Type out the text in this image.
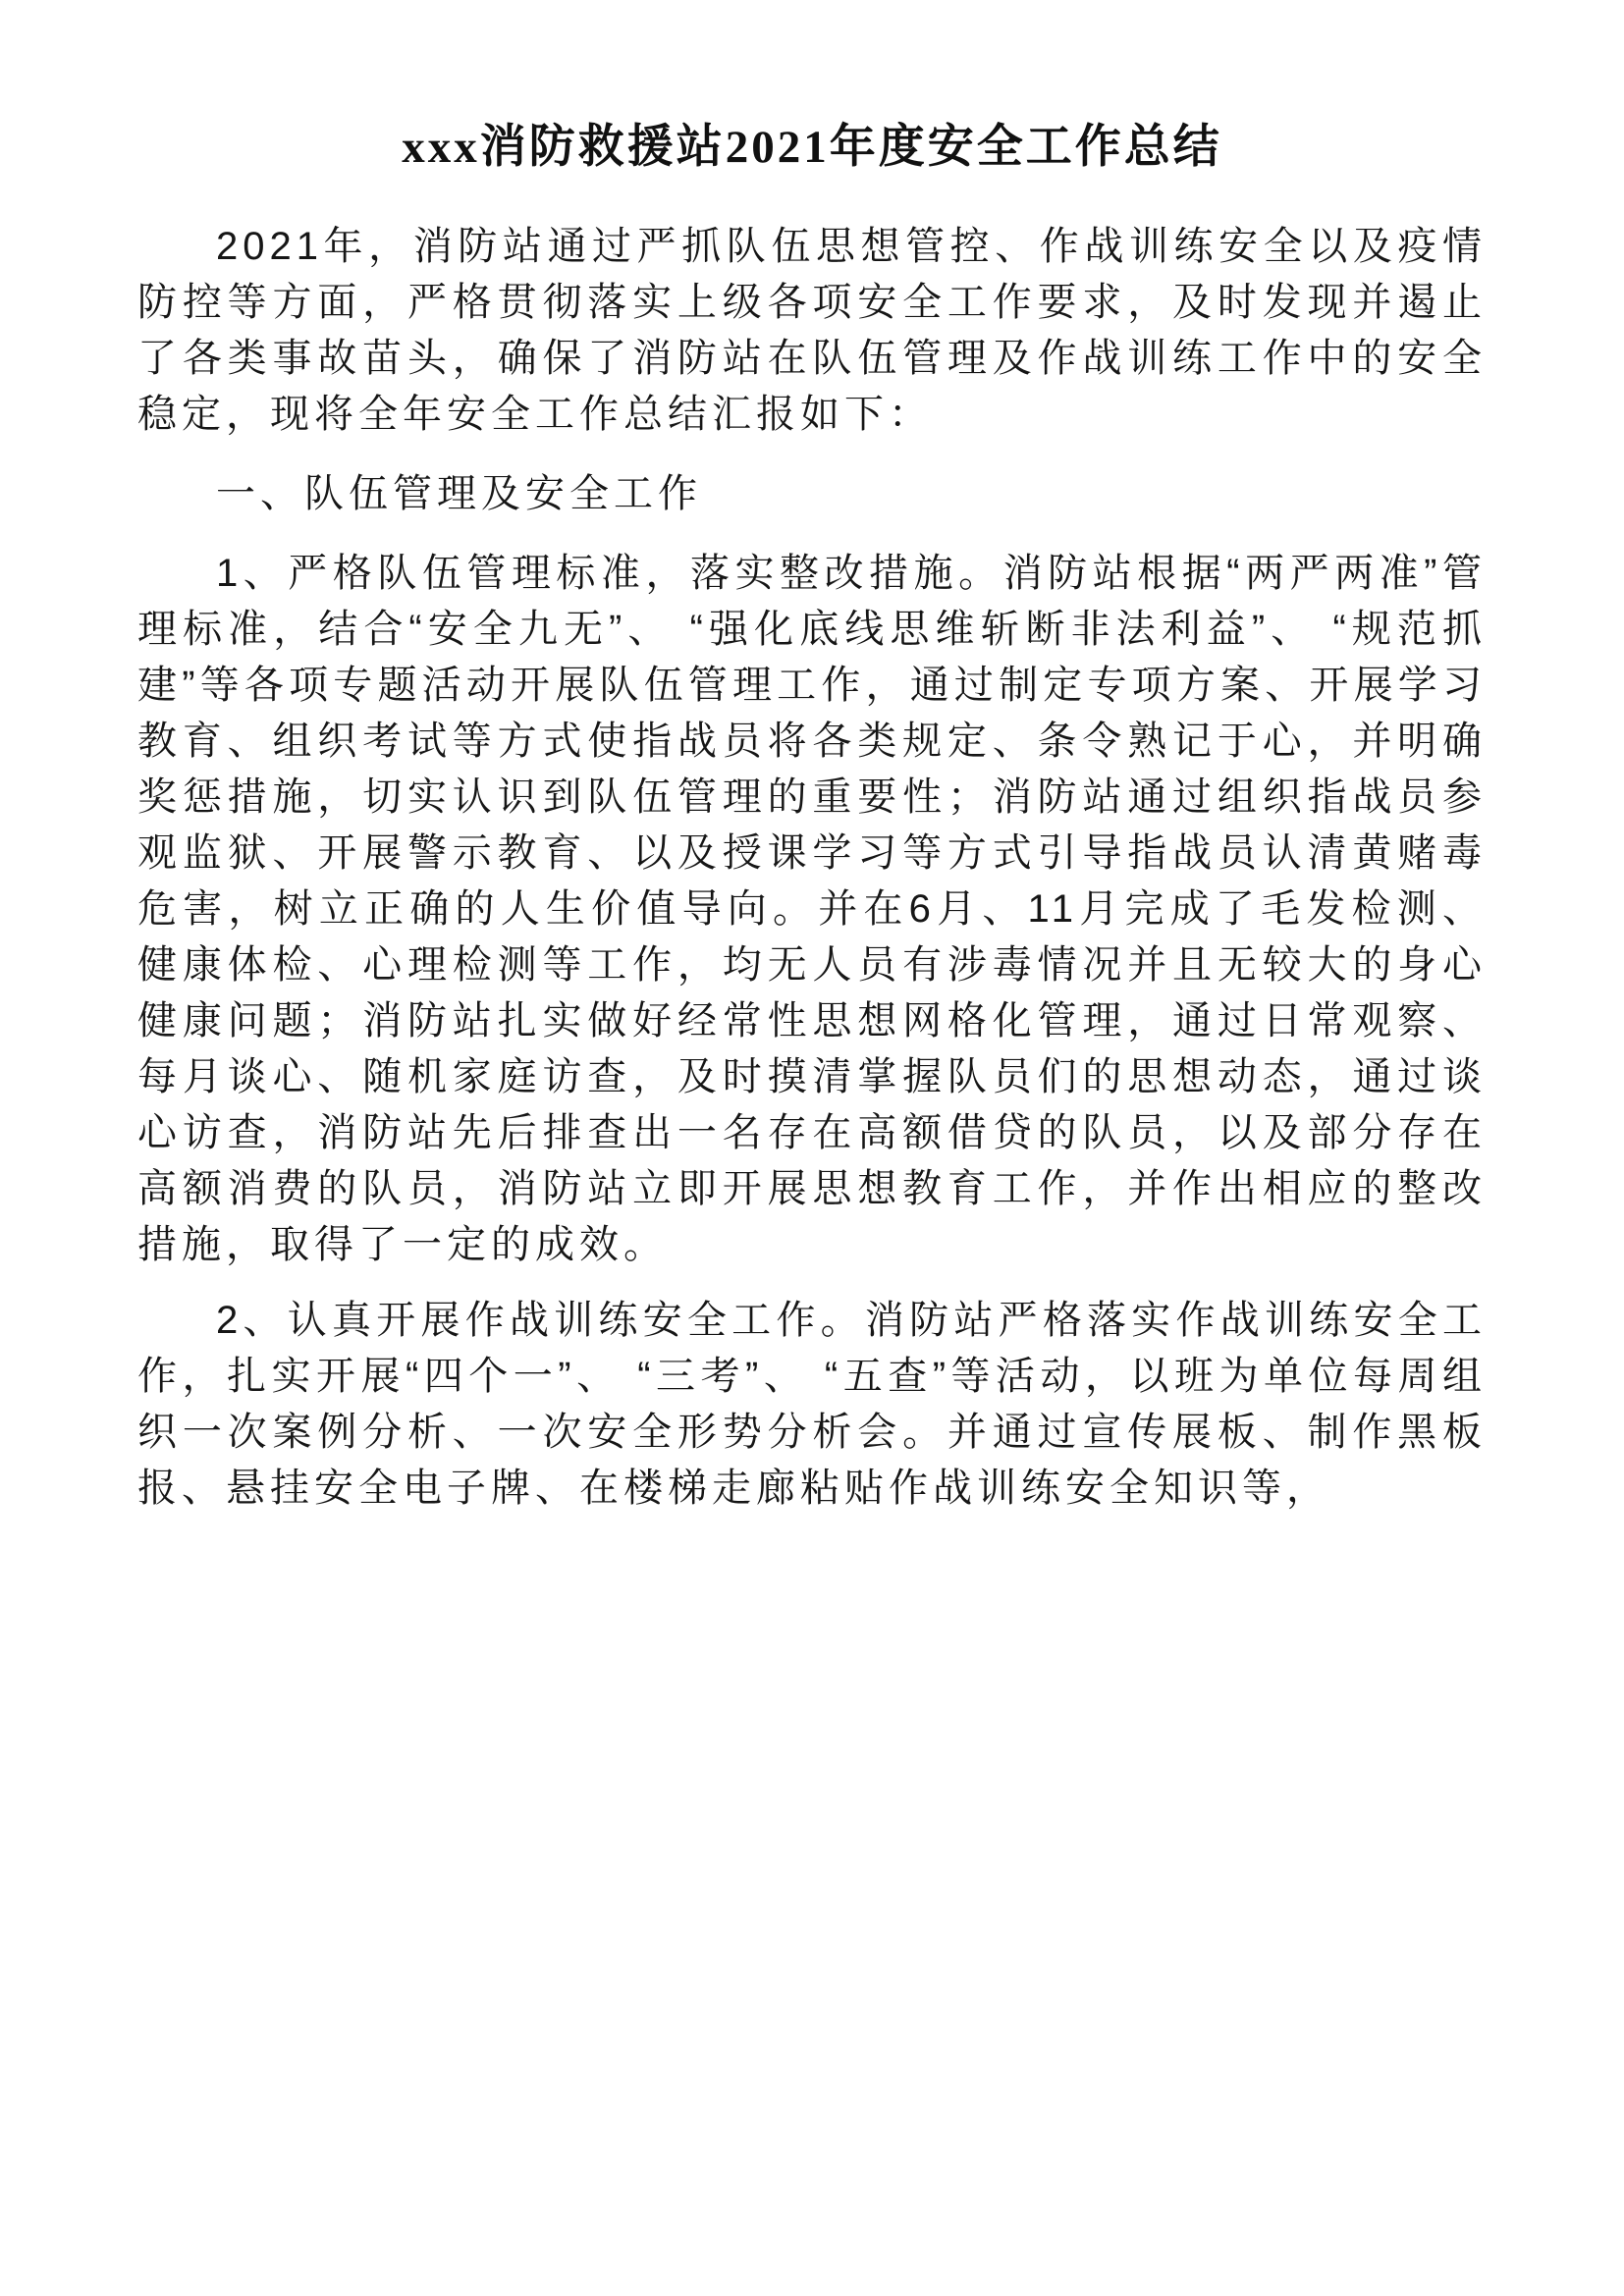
xxx消防救援站2021年度安全工作总结

2021年，消防站通过严抓队伍思想管控、作战训练安全以及疫情防控等方面，严格贯彻落实上级各项安全工作要求，及时发现并遏止了各类事故苗头，确保了消防站在队伍管理及作战训练工作中的安全稳定，现将全年安全工作总结汇报如下：

一、队伍管理及安全工作

1、严格队伍管理标准，落实整改措施。消防站根据“两严两准”管理标准，结合“安全九无”、 “强化底线思维斩断非法利益”、 “规范抓建”等各项专题活动开展队伍管理工作，通过制定专项方案、开展学习教育、组织考试等方式使指战员将各类规定、条令熟记于心，并明确奖惩措施，切实认识到队伍管理的重要性；消防站通过组织指战员参观监狱、开展警示教育、以及授课学习等方式引导指战员认清黄赌毒危害，树立正确的人生价值导向。并在6月、11月完成了毛发检测、健康体检、心理检测等工作，均无人员有涉毒情况并且无较大的身心健康问题；消防站扎实做好经常性思想网格化管理，通过日常观察、每月谈心、随机家庭访查，及时摸清掌握队员们的思想动态，通过谈心访查，消防站先后排查出一名存在高额借贷的队员，以及部分存在高额消费的队员，消防站立即开展思想教育工作，并作出相应的整改措施，取得了一定的成效。

2、认真开展作战训练安全工作。消防站严格落实作战训练安全工作，扎实开展“四个一”、 “三考”、 “五查”等活动，以班为单位每周组织一次案例分析、一次安全形势分析会。并通过宣传展板、制作黑板报、悬挂安全电子牌、在楼梯走廊粘贴作战训练安全知识等，
